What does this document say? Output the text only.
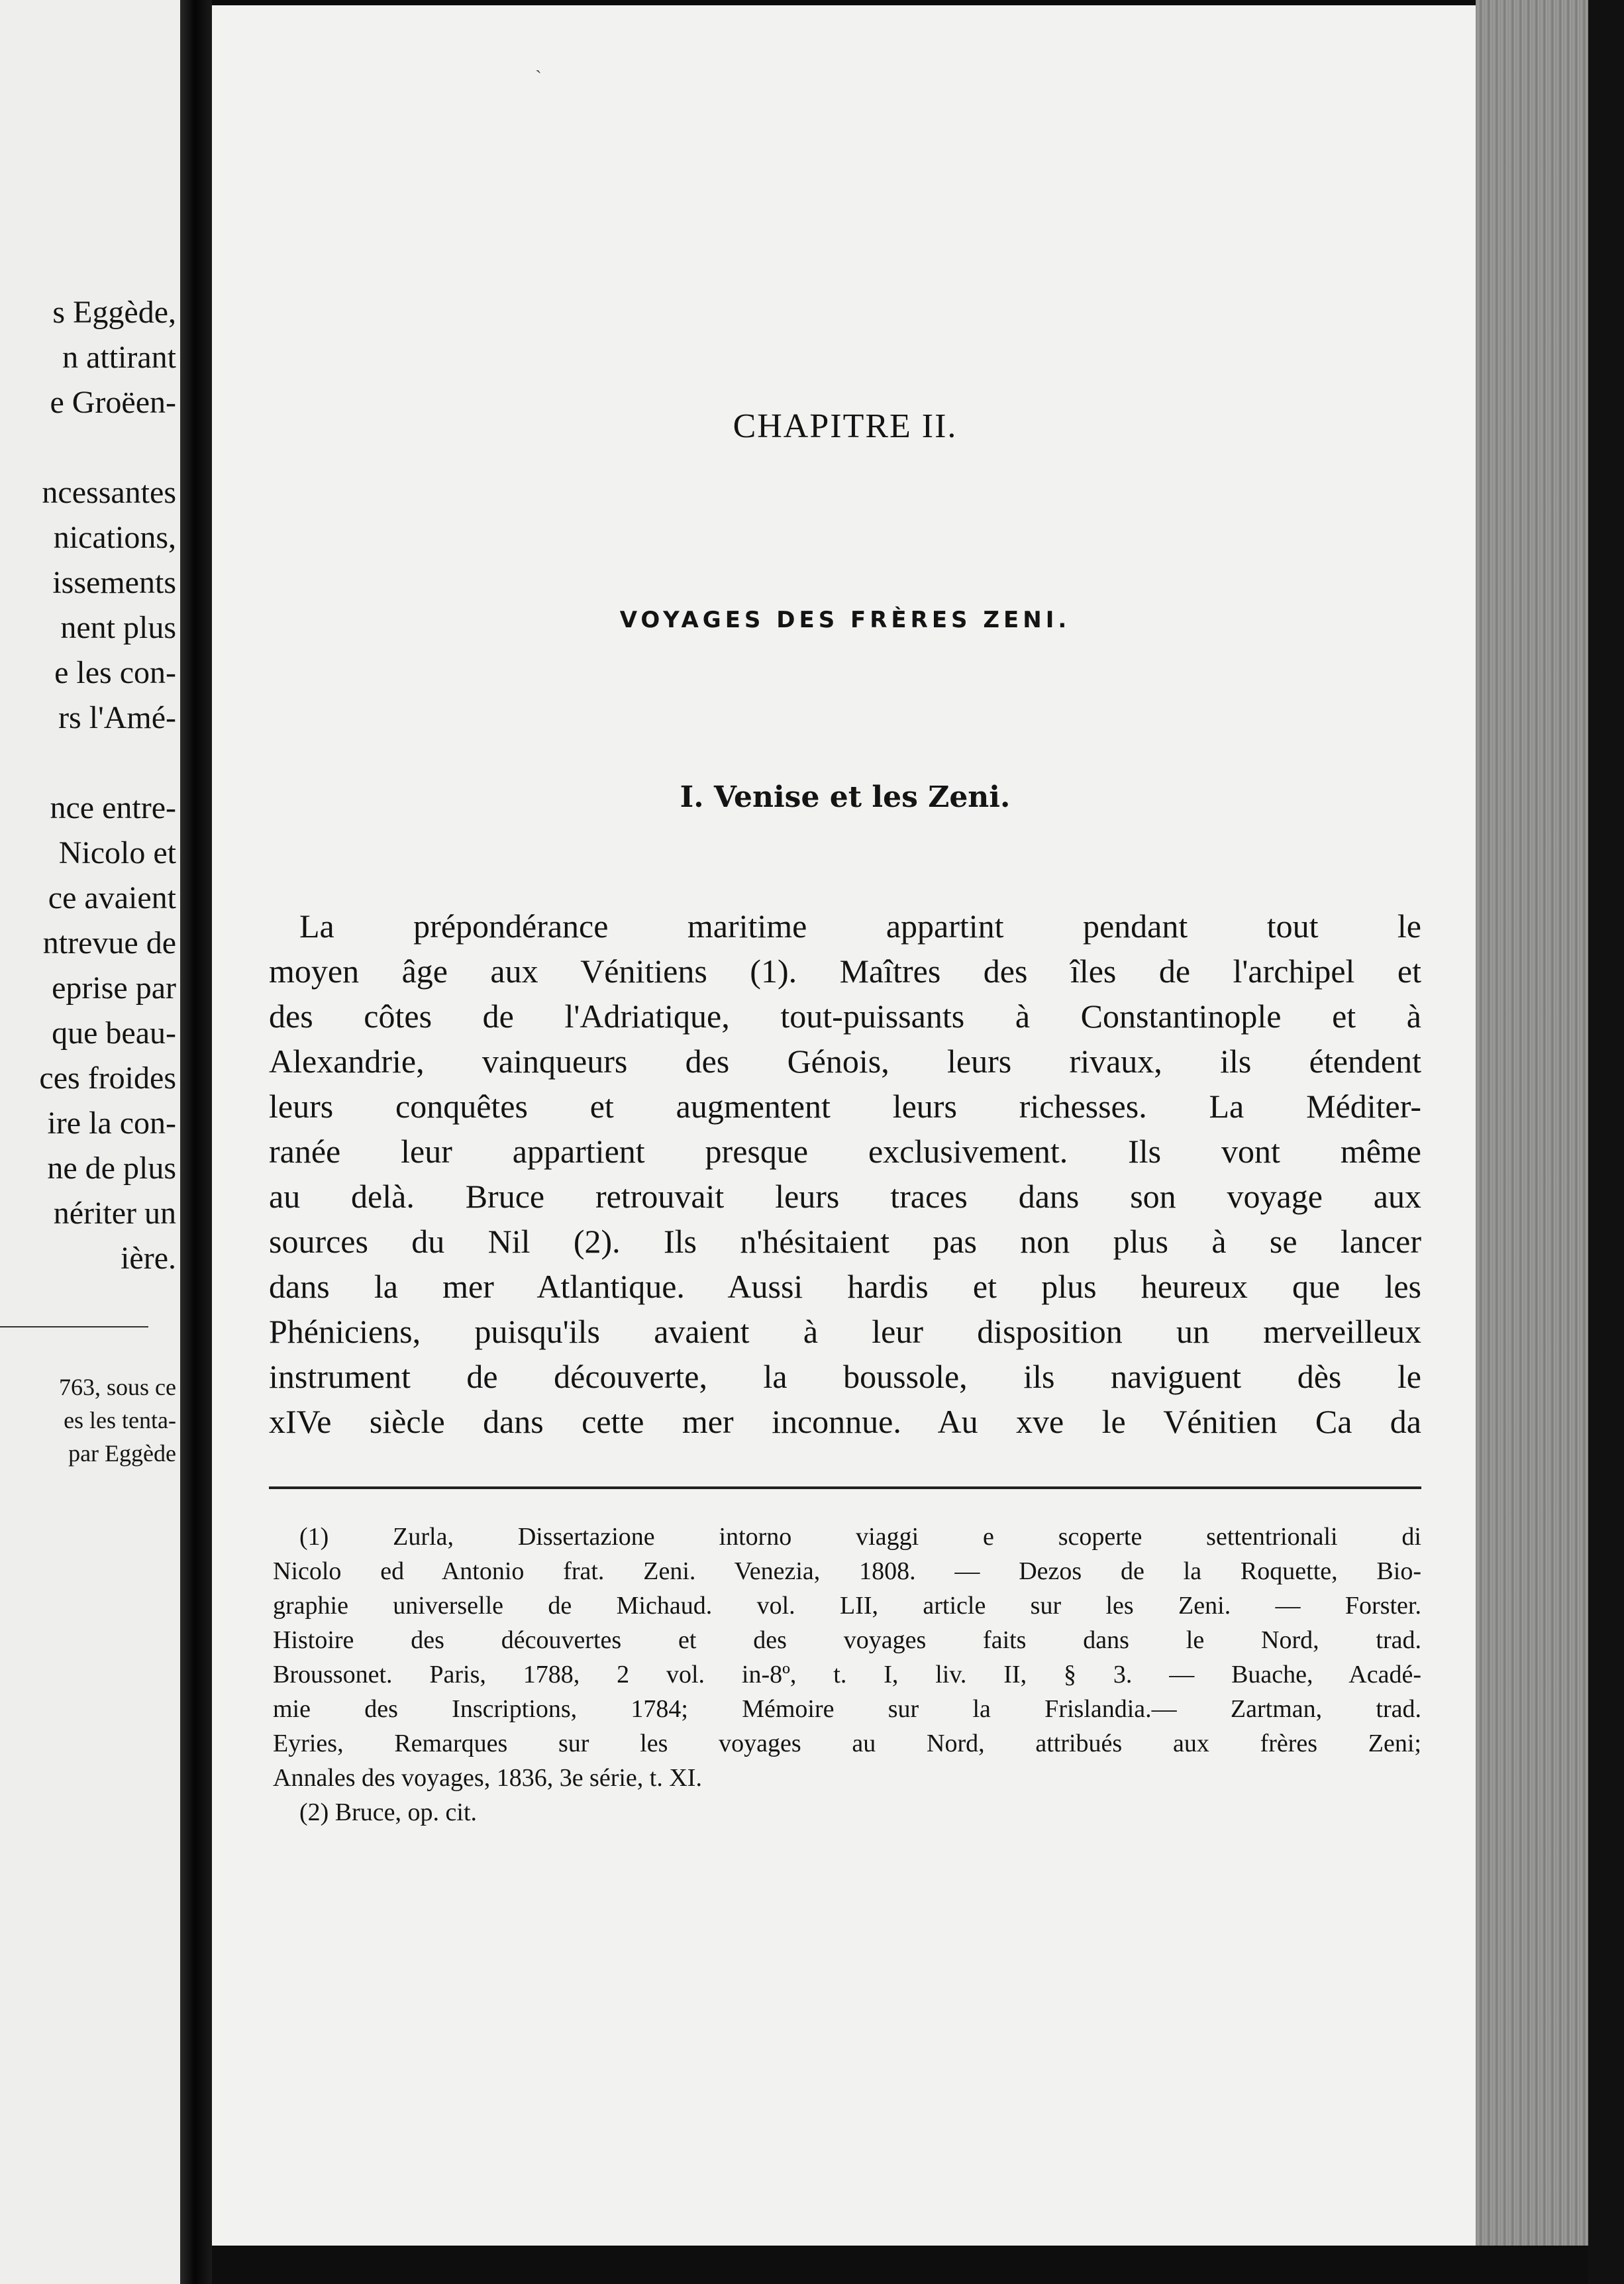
s Eggède,
n attirant
e Groëen-
ncessantes
nications,
issements
nent plus
e les con-
rs l'Amé-
nce entre-
Nicolo et
ce avaient
ntrevue de
eprise par
que beau-
ces froides
ire la con-
ne de plus
nériter un
ière.
763, sous ce
es les tenta-
par Eggède
ˎ
CHAPITRE II.
VOYAGES DES FRÈRES ZENI.
I. Venise et les Zeni.
La prépondérance maritime appartint pendant tout le
moyen âge aux Vénitiens (1). Maîtres des îles de l'archipel et
des côtes de l'Adriatique, tout-puissants à Constantinople et à
Alexandrie, vainqueurs des Génois, leurs rivaux, ils étendent
leurs conquêtes et augmentent leurs richesses. La Méditer-
ranée leur appartient presque exclusivement. Ils vont même
au delà. Bruce retrouvait leurs traces dans son voyage aux
sources du Nil (2). Ils n'hésitaient pas non plus à se lancer
dans la mer Atlantique. Aussi hardis et plus heureux que les
Phéniciens, puisqu'ils avaient à leur disposition un merveilleux
instrument de découverte, la boussole, ils naviguent dès le
xIVe siècle dans cette mer inconnue. Au xve le Vénitien Ca da
(1) Zurla, Dissertazione intorno viaggi e scoperte settentrionali di
Nicolo ed Antonio frat. Zeni. Venezia, 1808. — Dezos de la Roquette, Bio-
graphie universelle de Michaud. vol. LII, article sur les Zeni. — Forster.
Histoire des découvertes et des voyages faits dans le Nord, trad.
Broussonet. Paris, 1788, 2 vol. in-8º, t. I, liv. II, § 3. — Buache, Acadé-
mie des Inscriptions, 1784; Mémoire sur la Frislandia.— Zartman, trad.
Eyries, Remarques sur les voyages au Nord, attribués aux frères Zeni;
Annales des voyages, 1836, 3e série, t. XI.
(2) Bruce, op. cit.
